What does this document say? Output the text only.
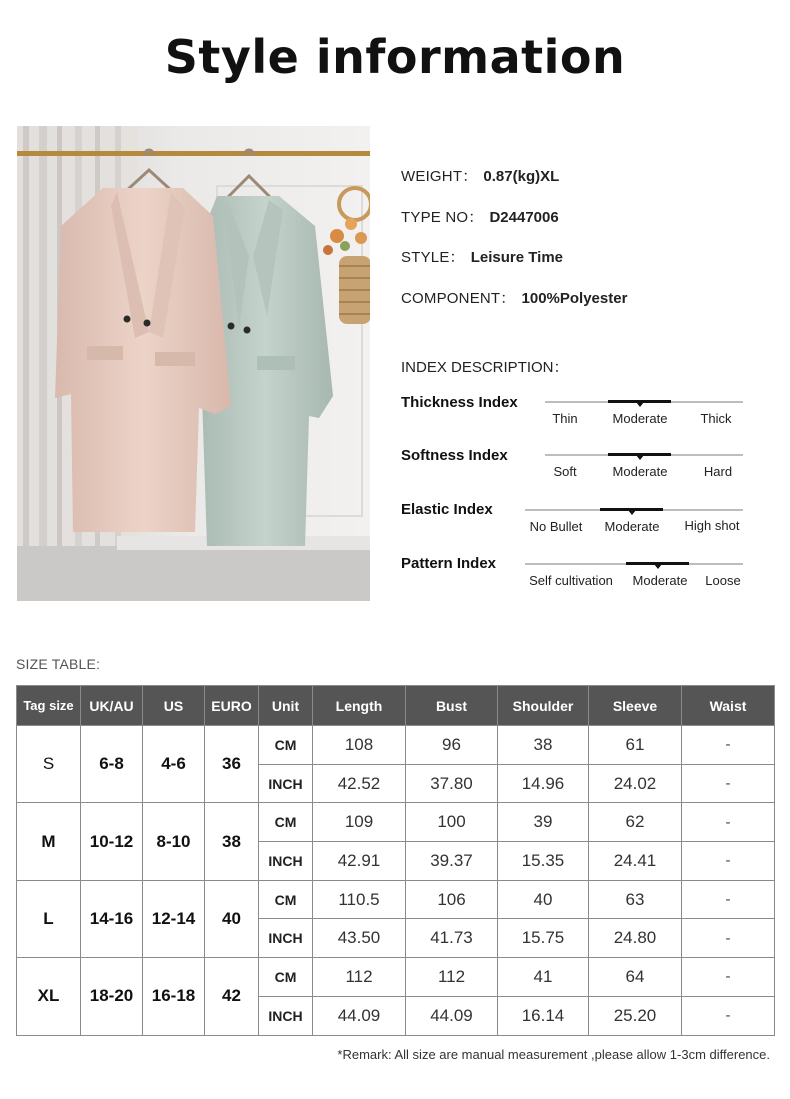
Style information
WEIGHT： 0.87(kg)XL
TYPE NO： D2447006
STYLE： Leisure Time
COMPONENT： 100%Polyester
INDEX DESCRIPTION：
Thickness Index
Thin	Moderate	Thick
Softness Index
Soft	Moderate	Hard
Elastic Index
No Bullet	Moderate	High shot
Pattern Index
Self cultivation	Moderate	Loose
SIZE TABLE:
Tag size	UK/AU	US	EURO	Unit	Length	Bust	Shoulder	Sleeve	Waist
S	6-8	4-6	36	CM	108	96	38	61	-
				INCH	42.52	37.80	14.96	24.02	-
M	10-12	8-10	38	CM	109	100	39	62	-
				INCH	42.91	39.37	15.35	24.41	-
L	14-16	12-14	40	CM	110.5	106	40	63	-
				INCH	43.50	41.73	15.75	24.80	-
XL	18-20	16-18	42	CM	112	112	41	64	-
				INCH	44.09	44.09	16.14	25.20	-
*Remark: All size are manual measurement ,please allow 1-3cm difference.
